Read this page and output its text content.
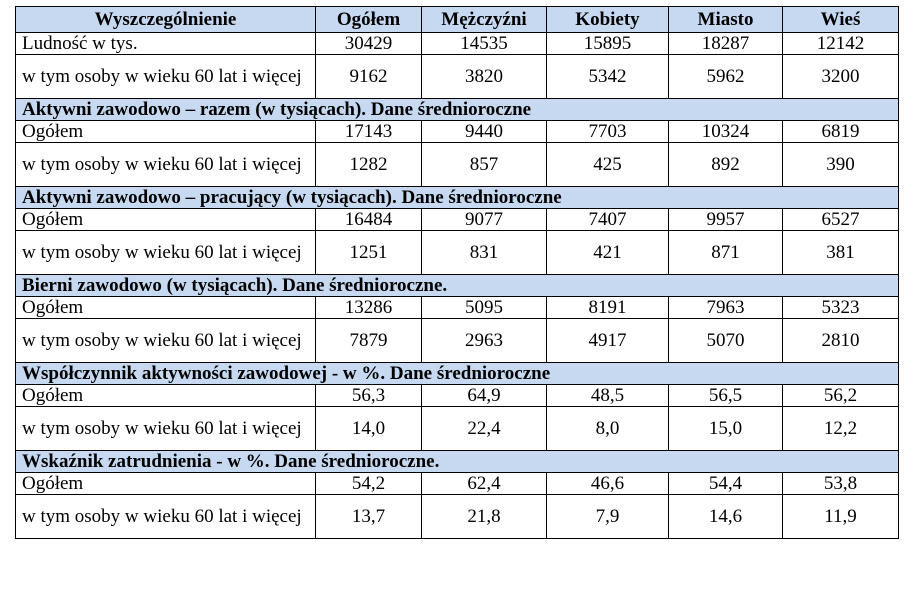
Wyszczególnienie	Ogółem	Mężczyźni	Kobiety	Miasto	Wieś
Ludność w tys.	30429	14535	15895	18287	12142
w tym osoby w wieku 60 lat i więcej	9162	3820	5342	5962	3200
Aktywni zawodowo – razem (w tysiącach). Dane średnioroczne					
Ogółem	17143	9440	7703	10324	6819
w tym osoby w wieku 60 lat i więcej	1282	857	425	892	390
Aktywni zawodowo – pracujący (w tysiącach). Dane średnioroczne					
Ogółem	16484	9077	7407	9957	6527
w tym osoby w wieku 60 lat i więcej	1251	831	421	871	381
Bierni zawodowo (w tysiącach). Dane średnioroczne.					
Ogółem	13286	5095	8191	7963	5323
w tym osoby w wieku 60 lat i więcej	7879	2963	4917	5070	2810
Współczynnik aktywności zawodowej - w %. Dane średnioroczne					
Ogółem	56,3	64,9	48,5	56,5	56,2
w tym osoby w wieku 60 lat i więcej	14,0	22,4	8,0	15,0	12,2
Wskaźnik zatrudnienia - w %. Dane średnioroczne.					
Ogółem	54,2	62,4	46,6	54,4	53,8
w tym osoby w wieku 60 lat i więcej	13,7	21,8	7,9	14,6	11,9
